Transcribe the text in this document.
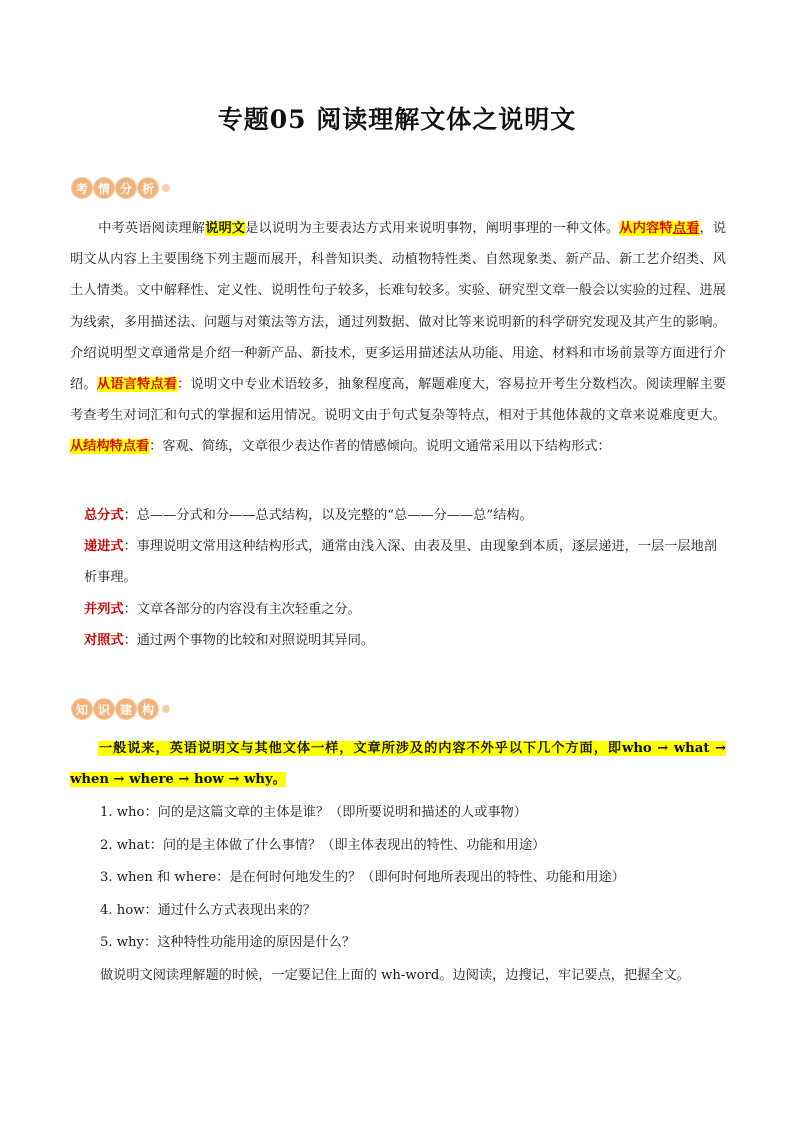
专题05 阅读理解文体之说明文
考 情 分 析
中考英语阅读理解说明文是以说明为主要表达方式用来说明事物，阐明事理的一种文体。从内容特点看，说明文从内容上主要围绕下列主题而展开，科普知识类、动植物特性类、自然现象类、新产品、新工艺介绍类、风土人情类。文中解释性、定义性、说明性句子较多，长难句较多。实验、研究型文章一般会以实验的过程、进展为线索，多用描述法、问题与对策法等方法，通过列数据、做对比等来说明新的科学研究发现及其产生的影响。介绍说明型文章通常是介绍一种新产品、新技术，更多运用描述法从功能、用途、材料和市场前景等方面进行介绍。从语言特点看：说明文中专业术语较多，抽象程度高，解题难度大，容易拉开考生分数档次。阅读理解主要考查考生对词汇和句式的掌握和运用情况。说明文由于句式复杂等特点，相对于其他体裁的文章来说难度更大。从结构特点看：客观、简练，文章很少表达作者的情感倾向。说明文通常采用以下结构形式：
总分式：总——分式和分——总式结构，以及完整的“总——分——总”结构。
递进式：事理说明文常用这种结构形式，通常由浅入深、由表及里、由现象到本质，逐层递进，一层一层地剖析事理。
并列式：文章各部分的内容没有主次轻重之分。
对照式：通过两个事物的比较和对照说明其异同。
知 识 建 构
一般说来，英语说明文与其他文体一样，文章所涉及的内容不外乎以下几个方面，即who → what → when → where → how → why。
1. who：问的是这篇文章的主体是谁？（即所要说明和描述的人或事物）
2. what：问的是主体做了什么事情？（即主体表现出的特性、功能和用途）
3. when 和 where：是在何时何地发生的？（即何时何地所表现出的特性、功能和用途）
4. how：通过什么方式表现出来的？
5. why：这种特性功能用途的原因是什么？
做说明文阅读理解题的时候，一定要记住上面的 wh-word。边阅读，边搜记，牢记要点，把握全文。
